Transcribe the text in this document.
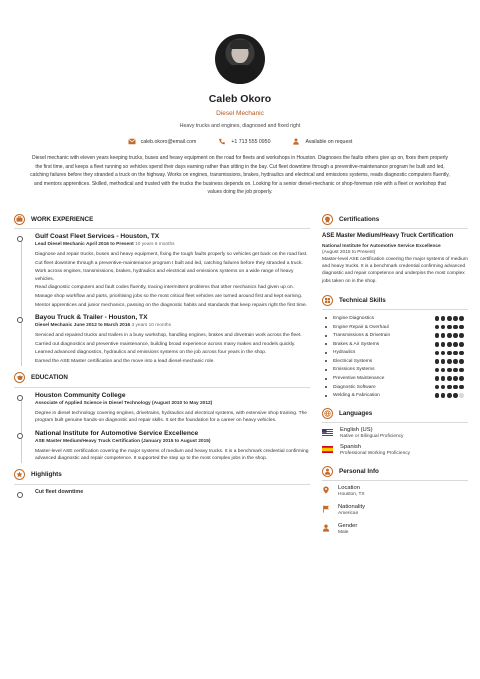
Caleb Okoro
Diesel Mechanic
Heavy trucks and engines, diagnosed and fixed right
caleb.okoro@email.com	+1 713 555 0950	Available on request
Diesel mechanic with eleven years keeping trucks, buses and heavy equipment on the road for fleets and workshops in Houston. Diagnoses the faults others give up on, fixes them properly the first time, and keeps a fleet running so vehicles spend their days earning rather than sitting in the bay. Cut fleet downtime through a preventive-maintenance program he built and led, catching failures before they stranded a truck on the highway. Works on engines, transmissions, brakes, hydraulics and electrical and emissions systems, reads diagnostic computers fluently, and mentors apprentices. Skilled, methodical and trusted with the trucks the business depends on. Looking for a senior diesel-mechanic or shop-foreman role with a fleet or workshop that values doing the job properly.
WORK EXPERIENCE
Gulf Coast Fleet Services - Houston, TX
Lead Diesel Mechanic April 2016 to Present 10 years 6 months

Diagnose and repair trucks, buses and heavy equipment, fixing the tough faults properly so vehicles get back on the road fast.

Cut fleet downtime through a preventive-maintenance program I built and led, catching failures before they stranded a truck.

Work across engines, transmissions, brakes, hydraulics and electrical and emissions systems on a wide range of heavy vehicles.

Read diagnostic computers and fault codes fluently, tracing intermittent problems that other mechanics had given up on.

Manage shop workflow and parts, prioritising jobs so the most critical fleet vehicles are turned around first and kept earning.

Mentor apprentices and junior mechanics, passing on the diagnostic habits and standards that keep repairs right the first time.

Bayou Truck & Trailer - Houston, TX
Diesel Mechanic June 2012 to March 2016 3 years 10 months

Serviced and repaired trucks and trailers in a busy workshop, handling engines, brakes and drivetrain work across the fleet.

Carried out diagnostics and preventive maintenance, building broad experience across many makes and models quickly.

Learned advanced diagnostics, hydraulics and emissions systems on the job across four years in the shop.

Earned the ASE Master certification and the move into a lead diesel-mechanic role.

EDUCATION
Houston Community College
Associate of Applied Science in Diesel Technology (August 2010 to May 2012)

Degree in diesel technology covering engines, drivetrains, hydraulics and electrical systems, with extensive shop training. The program built genuine hands-on diagnostic and repair skills. It set the foundation for a career on heavy vehicles.

National Institute for Automotive Service Excellence
ASE Master Medium/Heavy Truck Certification (January 2015 to August 2015)

Master-level ASE certification covering the major systems of medium and heavy trucks. It is a benchmark credential confirming advanced diagnostic and repair competence. It supported the step up to the most complex jobs in the shop.

Highlights
Cut fleet downtime
Certifications
ASE Master Medium/Heavy Truck Certification
National Institute for Automotive Service Excellence
(August 2015 to Present)
Master-level ASE certification covering the major systems of medium and heavy trucks. It is a benchmark credential confirming advanced diagnostic and repair competence and underpins the most complex jobs taken on in the shop.
Technical Skills
Engine Diagnostics
Engine Repair & Overhaul
Transmissions & Drivetrain
Brakes & Air Systems
Hydraulics
Electrical Systems
Emissions Systems
Preventive Maintenance
Diagnostic Software
Welding & Fabrication
Languages
English (US)
Native or Bilingual Proficiency
Spanish
Professional Working Proficiency
Personal Info
Location
Houston, TX
Nationality
American
Gender
Male
